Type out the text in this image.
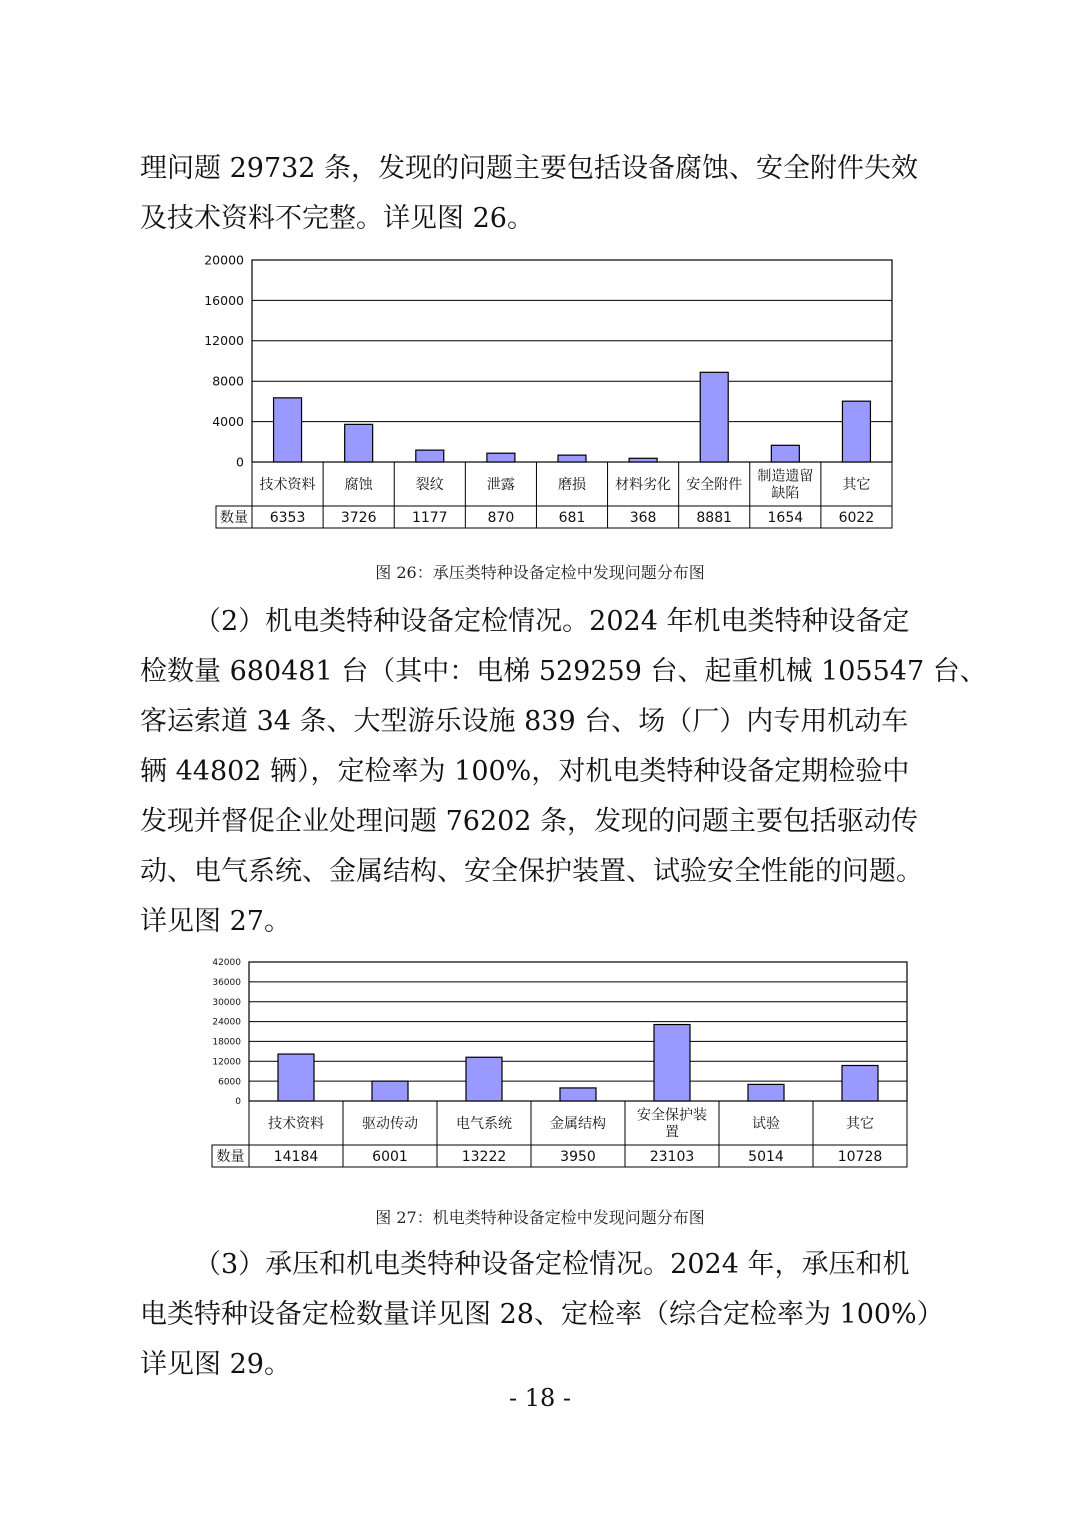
理问题 29732 条，发现的问题主要包括设备腐蚀、安全附件失效
及技术资料不完整。详见图 26。
0
4000
8000
12000
16000
20000
数量
技术资料
6353
腐蚀
3726
裂纹
1177
泄露
870
磨损
681
材料劣化
368
安全附件
8881
制造遗留
缺陷
1654
其它
6022
图 26：承压类特种设备定检中发现问题分布图
（2）机电类特种设备定检情况。2024 年机电类特种设备定
检数量 680481 台（其中：电梯 529259 台、起重机械 105547 台、
客运索道 34 条、大型游乐设施 839 台、场（厂）内专用机动车
辆 44802 辆），定检率为 100%，对机电类特种设备定期检验中
发现并督促企业处理问题 76202 条，发现的问题主要包括驱动传
动、电气系统、金属结构、安全保护装置、试验安全性能的问题。
详见图 27。
0
6000
12000
18000
24000
30000
36000
42000
数量
技术资料
14184
驱动传动
6001
电气系统
13222
金属结构
3950
安全保护装
置
23103
试验
5014
其它
10728
图 27：机电类特种设备定检中发现问题分布图
（3）承压和机电类特种设备定检情况。2024 年，承压和机
电类特种设备定检数量详见图 28、定检率（综合定检率为 100%）
详见图 29。
- 18 -
